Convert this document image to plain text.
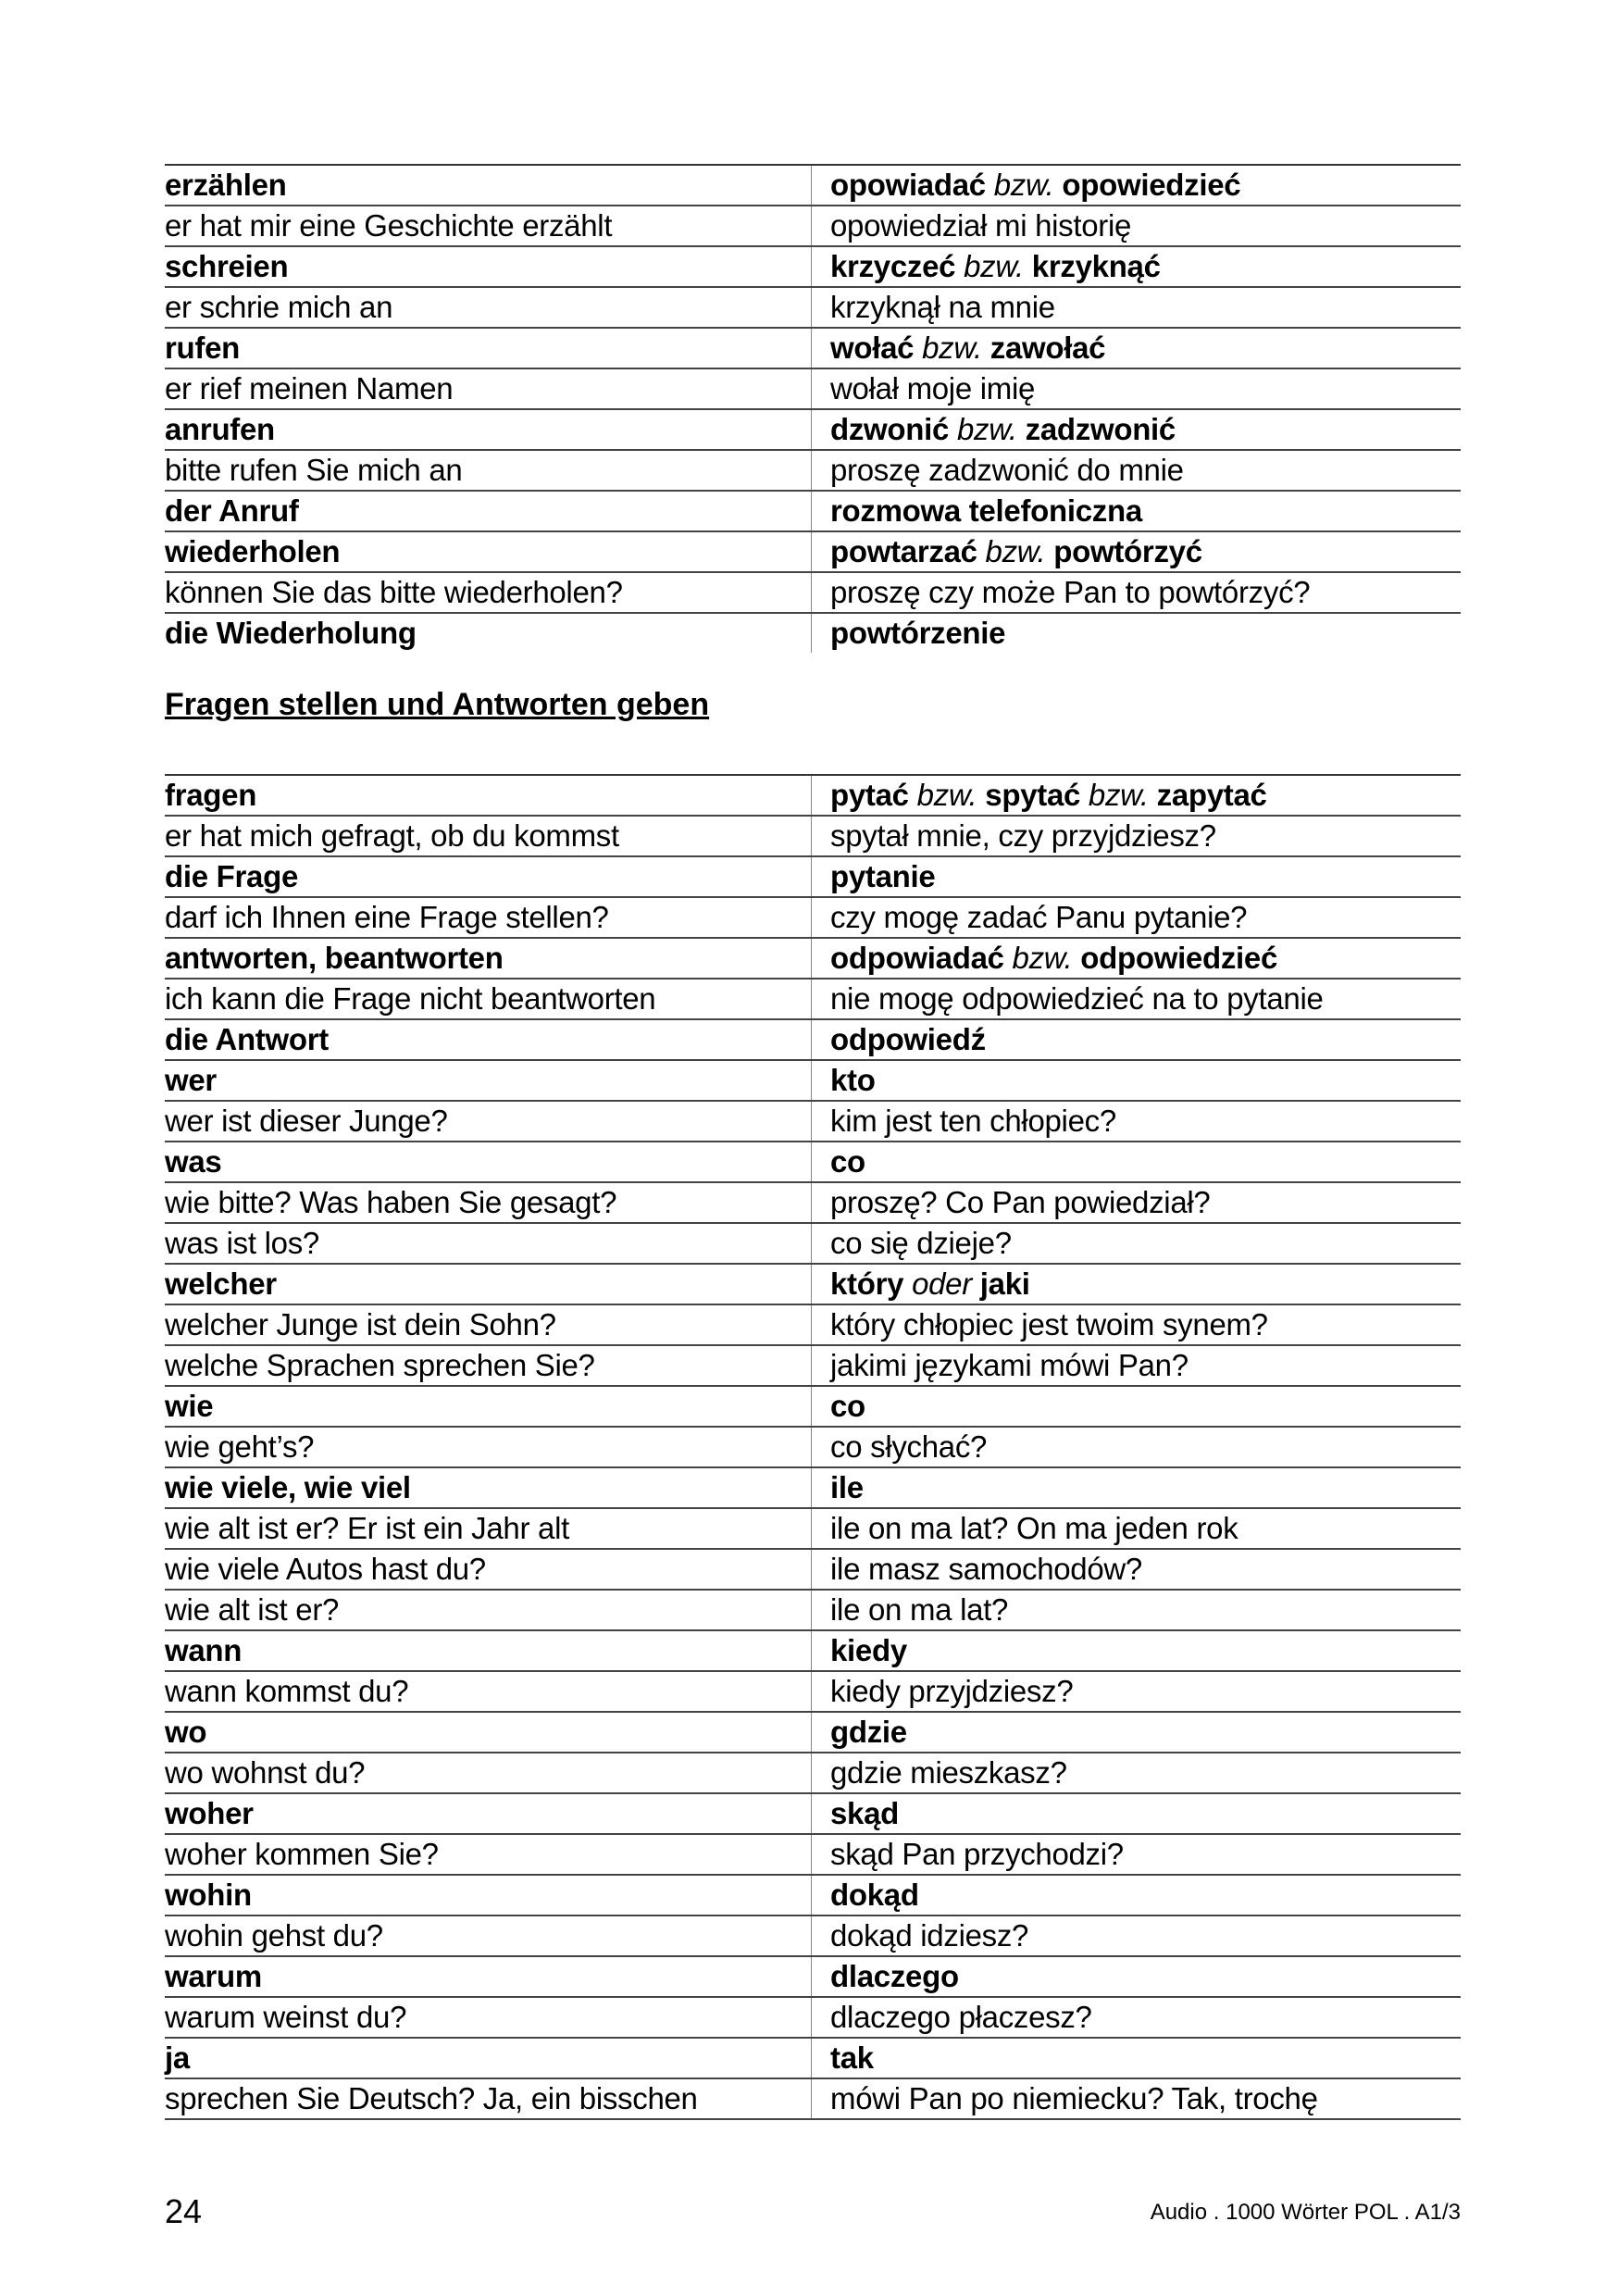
erzählen	opowiadać bzw. opowiedzieć
er hat mir eine Geschichte erzählt	opowiedział mi historię
schreien	krzyczeć bzw. krzyknąć
er schrie mich an	krzyknął na mnie
rufen	wołać bzw. zawołać
er rief meinen Namen	wołał moje imię
anrufen	dzwonić bzw. zadzwonić
bitte rufen Sie mich an	proszę zadzwonić do mnie
der Anruf	rozmowa telefoniczna
wiederholen	powtarzać bzw. powtórzyć
können Sie das bitte wiederholen?	proszę czy może Pan to powtórzyć?
die Wiederholung	powtórzenie
Fragen stellen und Antworten geben
fragen	pytać bzw. spytać bzw. zapytać
er hat mich gefragt, ob du kommst	spytał mnie, czy przyjdziesz?
die Frage	pytanie
darf ich Ihnen eine Frage stellen?	czy mogę zadać Panu pytanie?
antworten, beantworten	odpowiadać bzw. odpowiedzieć
ich kann die Frage nicht beantworten	nie mogę odpowiedzieć na to pytanie
die Antwort	odpowiedź
wer	kto
wer ist dieser Junge?	kim jest ten chłopiec?
was	co
wie bitte? Was haben Sie gesagt?	proszę? Co Pan powiedział?
was ist los?	co się dzieje?
welcher	który oder jaki
welcher Junge ist dein Sohn?	który chłopiec jest twoim synem?
welche Sprachen sprechen Sie?	jakimi językami mówi Pan?
wie	co
wie geht’s?	co słychać?
wie viele, wie viel	ile
wie alt ist er? Er ist ein Jahr alt	ile on ma lat? On ma jeden rok
wie viele Autos hast du?	ile masz samochodów?
wie alt ist er?	ile on ma lat?
wann	kiedy
wann kommst du?	kiedy przyjdziesz?
wo	gdzie
wo wohnst du?	gdzie mieszkasz?
woher	skąd
woher kommen Sie?	skąd Pan przychodzi?
wohin	dokąd
wohin gehst du?	dokąd idziesz?
warum	dlaczego
warum weinst du?	dlaczego płaczesz?
ja	tak
sprechen Sie Deutsch? Ja, ein bisschen	mówi Pan po niemiecku? Tak, trochę
24	Audio . 1000 Wörter POL . A1/3
